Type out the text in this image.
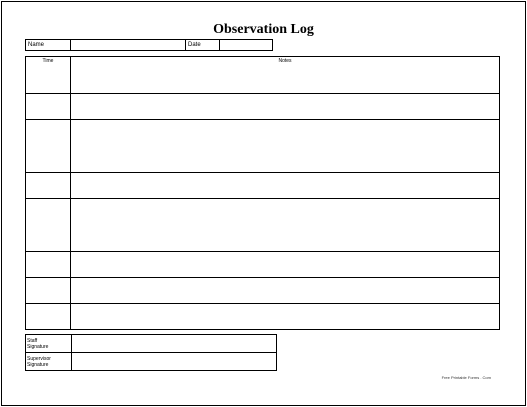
Observation Log
Name		Date	
Time	Notes

Staff
Signature	

Supervisor
Signature	

Free Printable Forms . Com
